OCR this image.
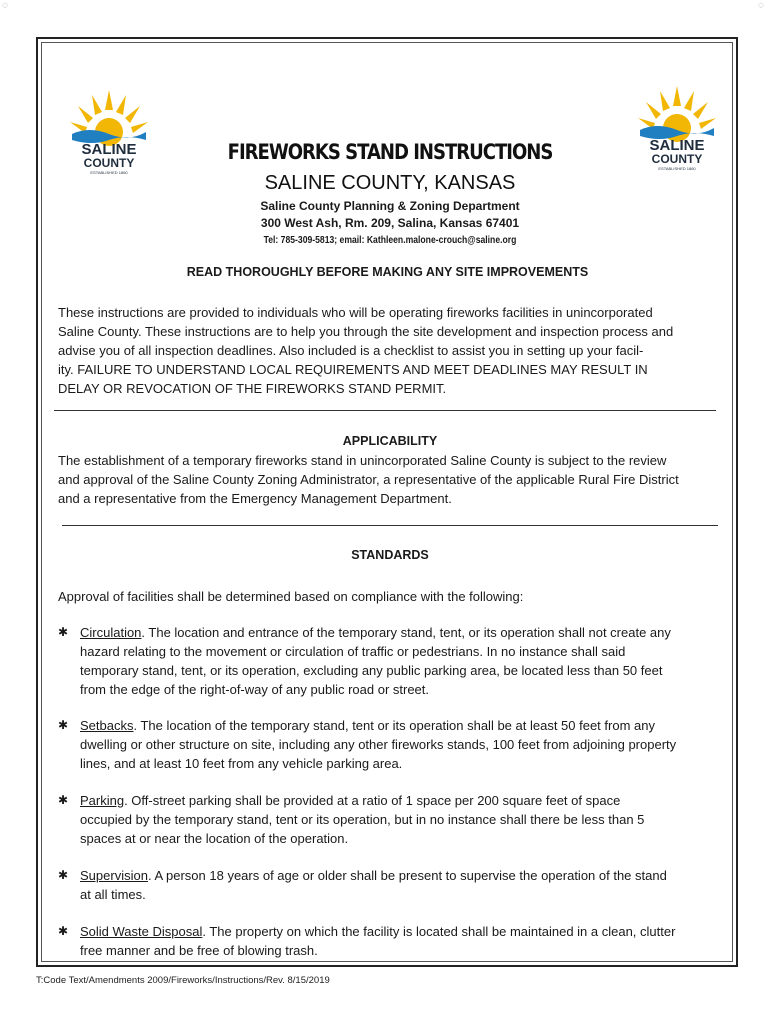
◌	◌
SALINE
COUNTY
ESTABLISHED 1860
SALINE
COUNTY
ESTABLISHED 1860
FIREWORKS STAND INSTRUCTIONS
SALINE COUNTY, KANSAS
Saline County Planning & Zoning Department
300 West Ash, Rm. 209, Salina, Kansas 67401
Tel: 785-309-5813; email: Kathleen.malone-crouch@saline.org
READ THOROUGHLY BEFORE MAKING ANY SITE IMPROVEMENTS
These instructions are provided to individuals who will be operating fireworks facilities in unincorporated
Saline County. These instructions are to help you through the site development and inspection process and
advise you of all inspection deadlines. Also included is a checklist to assist you in setting up your facil-
ity. FAILURE TO UNDERSTAND LOCAL REQUIREMENTS AND MEET DEADLINES MAY RESULT IN
DELAY OR REVOCATION OF THE FIREWORKS STAND PERMIT.
APPLICABILITY
The establishment of a temporary fireworks stand in unincorporated Saline County is subject to the review
and approval of the Saline County Zoning Administrator, a representative of the applicable Rural Fire District
and a representative from the Emergency Management Department.
STANDARDS
Approval of facilities shall be determined based on compliance with the following:
✱ Circulation. The location and entrance of the temporary stand, tent, or its operation shall not create any
hazard relating to the movement or circulation of traffic or pedestrians. In no instance shall said
temporary stand, tent, or its operation, excluding any public parking area, be located less than 50 feet
from the edge of the right-of-way of any public road or street.
✱ Setbacks. The location of the temporary stand, tent or its operation shall be at least 50 feet from any
dwelling or other structure on site, including any other fireworks stands, 100 feet from adjoining property
lines, and at least 10 feet from any vehicle parking area.
✱ Parking. Off-street parking shall be provided at a ratio of 1 space per 200 square feet of space
occupied by the temporary stand, tent or its operation, but in no instance shall there be less than 5
spaces at or near the location of the operation.
✱ Supervision. A person 18 years of age or older shall be present to supervise the operation of the stand
at all times.
✱ Solid Waste Disposal. The property on which the facility is located shall be maintained in a clean, clutter
free manner and be free of blowing trash.
T:Code Text/Amendments 2009/Fireworks/Instructions/Rev. 8/15/2019
